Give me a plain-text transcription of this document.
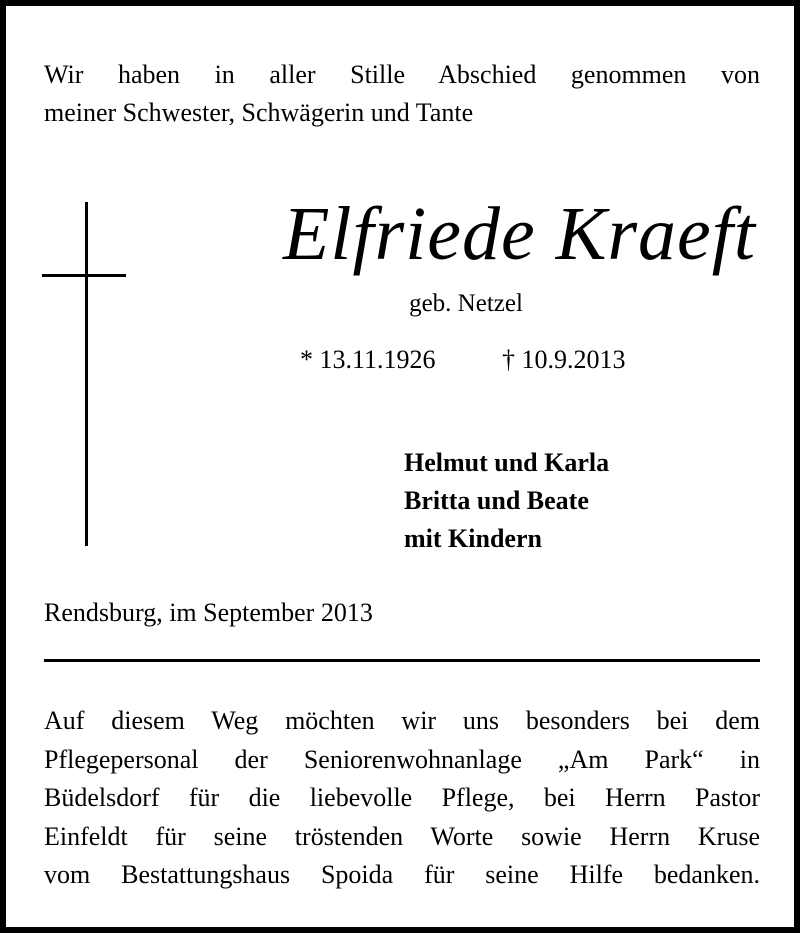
Wir haben in aller Stille Abschied genommen von
meiner Schwester, Schwägerin und Tante
Elfriede Kraeft
geb. Netzel
* 13.11.1926	† 10.9.2013
Helmut und Karla
Britta und Beate
mit Kindern
Rendsburg, im September 2013
Auf diesem Weg möchten wir uns besonders bei dem
Pflegepersonal der Seniorenwohnanlage „Am Park“ in
Büdelsdorf für die liebevolle Pflege, bei Herrn Pastor
Einfeldt für seine tröstenden Worte sowie Herrn Kruse
vom Bestattungshaus Spoida für seine Hilfe bedanken.
